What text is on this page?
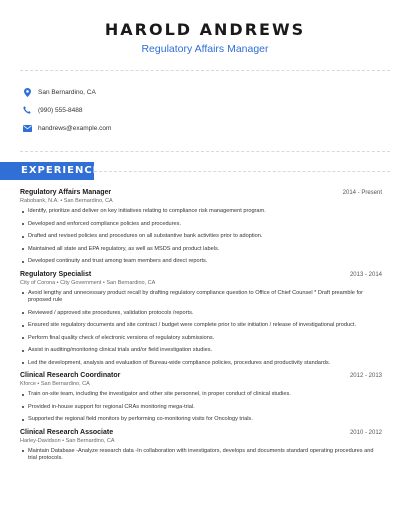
HAROLD ANDREWS

Regulatory Affairs Manager

San Bernardino, CA
(990) 555-8488
handrews@example.com
EXPERIENCE
Regulatory Affairs Manager	2014 - Present
Rabobank, N.A. • San Bernardino, CA
Identify, prioritize and deliver on key initiatives relating to compliance risk management program.
Developed and enforced compliance policies and procedures.
Drafted and revised policies and procedures on all substantive bank activities prior to adoption.
Maintained all state and EPA regulatory, as well as MSDS and product labels.
Developed continuity and trust among team members and direct reports.
Regulatory Specialist	2013 - 2014
City of Corona • City Government • San Bernardino, CA
Avoid lengthy and unnecessary product recall by drafting regulatory compliance question to Office of Chief Counsel * Draft preamble for proposed rule
Reviewed / approved site procedures, validation protocols /reports.
Ensured site regulatory documents and site contract / budget were complete prior to site initiation / release of investigational product.
Perform final quality check of electronic versions of regulatory submissions.
Assist in auditing/monitoring clinical trials and/or field investigation studies.
Led the development, analysis and evaluation of Bureau-wide compliance policies, procedures and productivity standards.
Clinical Research Coordinator	2012 - 2013
Kforce • San Bernardino, CA
Train on-site team, including the investigator and other site personnel, in proper conduct of clinical studies.
Provided in-house support for regional CRAs monitoring mega-trial.
Supported the regional field monitors by performing co-monitoring visits for Oncology trials.
Clinical Research Associate	2010 - 2012
Harley-Davidson • San Bernardino, CA
Maintain Database -Analyze research data -In collaboration with investigators, develops and documents standard operating procedures and trial protocols.
